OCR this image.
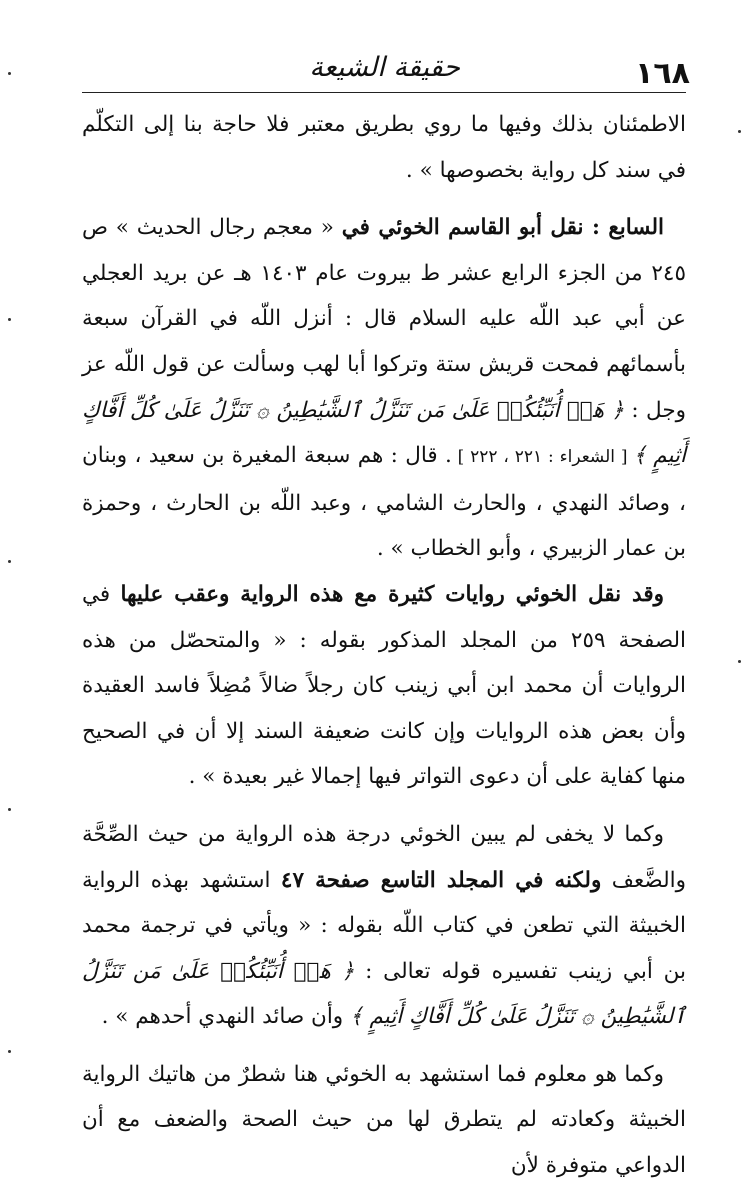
١٦٨
حقيقة الشيعة

الاطمئنان بذلك وفيها ما روي بطريق معتبر فلا حاجة بنا إلى التكلّم في سند كل رواية بخصوصها » .

السابع : نقل أبو القاسم الخوئي في « معجم رجال الحديث » ص ٢٤٥ من الجزء الرابع عشر ط بيروت عام ١٤٠٣ هـ عن بريد العجلي عن أبي عبد اللّه عليه السلام قال : أنزل اللّه في القرآن سبعة بأسمائهم فمحت قريش ستة وتركوا أبا لهب وسألت عن قول اللّه عز وجل : ﴿ هَلۡ أُنَبِّئُكُمۡ عَلَىٰ مَن تَنَزَّلُ ٱلشَّيَٰطِينُ ۞ تَنَزَّلُ عَلَىٰ كُلِّ أَفَّاكٍ أَثِيمٍ ﴾ [ الشعراء : ٢٢١ ، ٢٢٢ ] . قال : هم سبعة المغيرة بن سعيد ، وبنان ، وصائد النهدي ، والحارث الشامي ، وعبد اللّه بن الحارث ، وحمزة بن عمار الزبيري ، وأبو الخطاب » .

وقد نقل الخوئي روايات كثيرة مع هذه الرواية وعقب عليها في الصفحة ٢٥٩ من المجلد المذكور بقوله : « والمتحصّل من هذه الروايات أن محمد ابن أبي زينب كان رجلاً ضالاً مُضِلاً فاسد العقيدة وأن بعض هذه الروايات وإن كانت ضعيفة السند إلا أن في الصحيح منها كفاية على أن دعوى التواتر فيها إجمالا غير بعيدة » .

وكما لا يخفى لم يبين الخوئي درجة هذه الرواية من حيث الصِّحَّة والضَّعف ولكنه في المجلد التاسع صفحة ٤٧ استشهد بهذه الرواية الخبيثة التي تطعن في كتاب اللّه بقوله : « ويأتي في ترجمة محمد بن أبي زينب تفسيره قوله تعالى : ﴿ هَلۡ أُنَبِّئُكُمۡ عَلَىٰ مَن تَنَزَّلُ ٱلشَّيَٰطِينُ ۞ تَنَزَّلُ عَلَىٰ كُلِّ أَفَّاكٍ أَثِيمٍ ﴾ وأن صائد النهدي أحدهم » .

وكما هو معلوم فما استشهد به الخوئي هنا شطرٌ من هاتيك الرواية الخبيثة وكعادته لم يتطرق لها من حيث الصحة والضعف مع أن الدواعي متوفرة لأن
